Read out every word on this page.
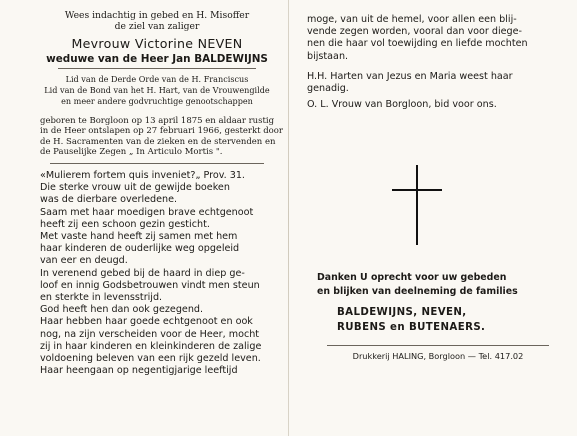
Wees indachtig in gebed en H. Misoffer
de ziel van zaliger
Mevrouw Victorine NEVEN
weduwe van de Heer Jan BALDEWIJNS
Lid van de Derde Orde van de H. Franciscus
Lid van de Bond van het H. Hart, van de Vrouwengilde
en meer andere godvruchtige genootschappen
geboren te Borgloon op 13 april 1875 en aldaar rustig
in de Heer ontslapen op 27 februari 1966, gesterkt door
de H. Sacramenten van de zieken en de stervenden en
de Pauselijke Zegen „ In Articulo Mortis ".
«Mulierem fortem quis inveniet?„ Prov. 31.
Die sterke vrouw uit de gewijde boeken
was de dierbare overledene.
Saam met haar moedigen brave echtgenoot
heeft zij een schoon gezin gesticht.
Met vaste hand heeft zij samen met hem
haar kinderen de ouderlijke weg opgeleid
van eer en deugd.
In verenend gebed bij de haard in diep ge-
loof en innig Godsbetrouwen vindt men steun
en sterkte in levensstrijd.
God heeft hen dan ook gezegend.
Haar hebben haar goede echtgenoot en ook
nog, na zijn verscheiden voor de Heer, mocht
zij in haar kinderen en kleinkinderen de zalige
voldoening beleven van een rijk gezeld leven.
Haar heengaan op negentigjarige leeftijd
moge, van uit de hemel, voor allen een blij-
vende zegen worden, vooral dan voor diege-
nen die haar vol toewijding en liefde mochten
bijstaan.
H.H. Harten van Jezus en Maria weest haar
genadig.
O. L. Vrouw van Borgloon, bid voor ons.
Danken U oprecht voor uw gebeden
en blijken van deelneming de families
BALDEWIJNS, NEVEN,
RUBENS en BUTENAERS.
Drukkerij HALING, Borgloon — Tel. 417.02
